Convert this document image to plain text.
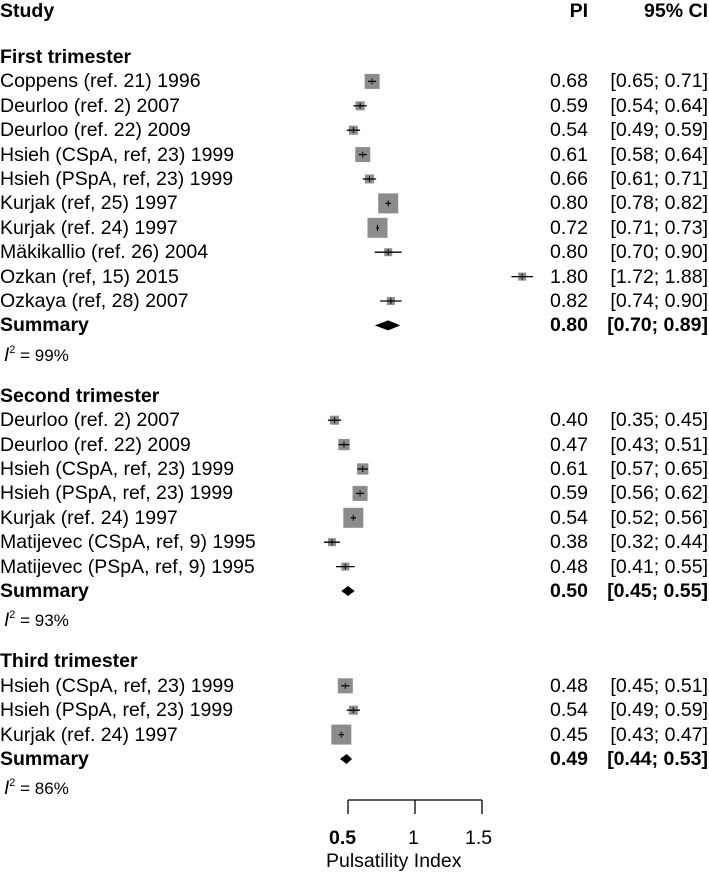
Study	PI	95% CI
First trimester
Coppens (ref. 21) 1996	0.68	[0.65; 0.71]
Deurloo (ref. 2) 2007	0.59	[0.54; 0.64]
Deurloo (ref. 22) 2009	0.54	[0.49; 0.59]
Hsieh (CSpA, ref, 23) 1999	0.61	[0.58; 0.64]
Hsieh (PSpA, ref, 23) 1999	0.66	[0.61; 0.71]
Kurjak (ref, 25) 1997	0.80	[0.78; 0.82]
Kurjak (ref. 24) 1997	0.72	[0.71; 0.73]
Mäkikallio (ref. 26) 2004	0.80	[0.70; 0.90]
Ozkan (ref, 15) 2015	1.80	[1.72; 1.88]
Ozkaya (ref, 28) 2007	0.82	[0.74; 0.90]
Summary	0.80 [0.70; 0.89]
$I^2 = 99\%$
Second trimester
Deurloo (ref. 2) 2007	0.40	[0.35; 0.45]
Deurloo (ref. 22) 2009	0.47	[0.43; 0.51]
Hsieh (CSpA, ref, 23) 1999	0.61	[0.57; 0.65]
Hsieh (PSpA, ref, 23) 1999	0.59	[0.56; 0.62]
Kurjak (ref. 24) 1997	0.54	[0.52; 0.56]
Matijevec (CSpA, ref, 9) 1995	0.38	[0.32; 0.44]
Matijevec (PSpA, ref, 9) 1995	0.48	[0.41; 0.55]
Summary	0.50 [0.45; 0.55]
$I^2 = 93\%$
Third trimester
Hsieh (CSpA, ref, 23) 1999	0.48	[0.45; 0.51]
Hsieh (PSpA, ref, 23) 1999	0.54	[0.49; 0.59]
Kurjak (ref. 24) 1997	0.45	[0.43; 0.47]
Summary	0.49 [0.44; 0.53]
$I^2 = 86\%$
0.5	1 1.5
Pulsatility Index
